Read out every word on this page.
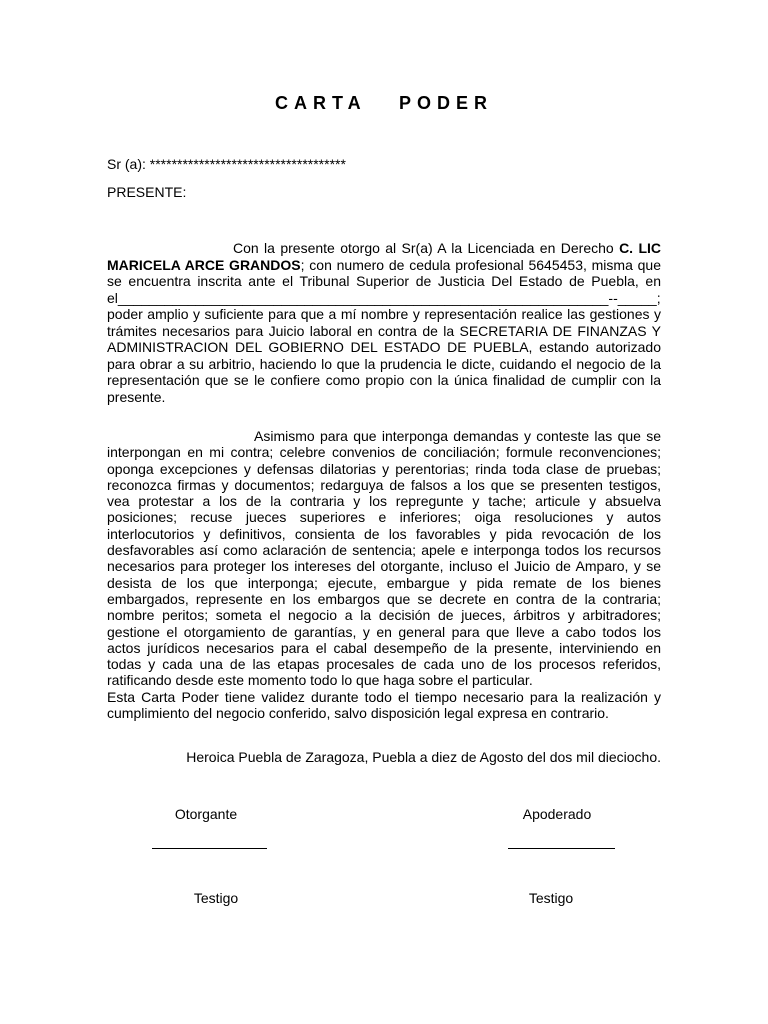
CARTA PODER

Sr (a): ************************************

PRESENTE:

Con la presente otorgo al Sr(a) A la Licenciada en Derecho C. LIC MARICELA ARCE GRANDOS; con numero de cedula profesional 5645453, misma que se encuentra inscrita ante el Tribunal Superior de Justicia Del Estado de Puebla, en el_______________________________________________________________--_____; poder amplio y suficiente para que a mí nombre y representación realice las gestiones y trámites necesarios para Juicio laboral en contra de la SECRETARIA DE FINANZAS Y ADMINISTRACION DEL GOBIERNO DEL ESTADO DE PUEBLA, estando autorizado para obrar a su arbitrio, haciendo lo que la prudencia le dicte, cuidando el negocio de la representación que se le confiere como propio con la única finalidad de cumplir con la presente.

Asimismo para que interponga demandas y conteste las que se interpongan en mi contra; celebre convenios de conciliación; formule reconvenciones; oponga excepciones y defensas dilatorias y perentorias; rinda toda clase de pruebas; reconozca firmas y documentos; redarguya de falsos a los que se presenten testigos, vea protestar a los de la contraria y los repregunte y tache; articule y absuelva posiciones; recuse jueces superiores e inferiores; oiga resoluciones y autos interlocutorios y definitivos, consienta de los favorables y pida revocación de los desfavorables así como aclaración de sentencia; apele e interponga todos los recursos necesarios para proteger los intereses del otorgante, incluso el Juicio de Amparo, y se desista de los que interponga; ejecute, embargue y pida remate de los bienes embargados, represente en los embargos que se decrete en contra de la contraria; nombre peritos; someta el negocio a la decisión de jueces, árbitros y arbitradores; gestione el otorgamiento de garantías, y en general para que lleve a cabo todos los actos jurídicos necesarios para el cabal desempeño de la presente, interviniendo en todas y cada una de las etapas procesales de cada uno de los procesos referidos, ratificando desde este momento todo lo que haga sobre el particular.
Esta Carta Poder tiene validez durante todo el tiempo necesario para la realización y cumplimiento del negocio conferido, salvo disposición legal expresa en contrario.

Heroica Puebla de Zaragoza, Puebla a diez de Agosto del dos mil dieciocho.

Otorgante	Apoderado

Testigo	Testigo
